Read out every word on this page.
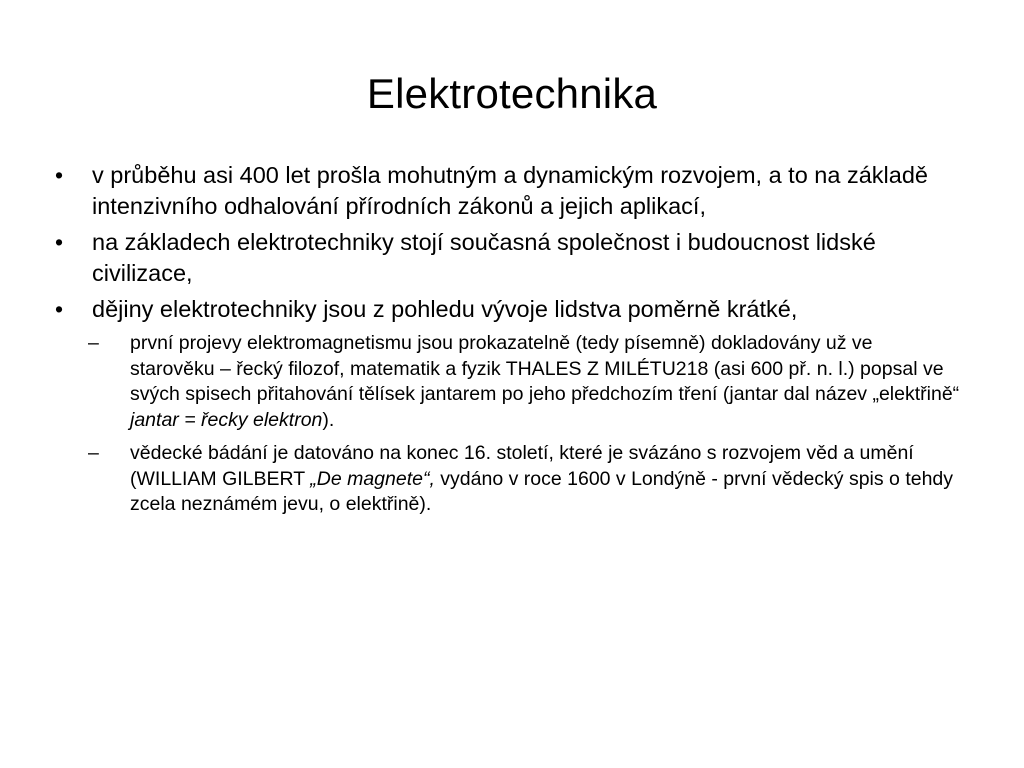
Elektrotechnika
• v průběhu asi 400 let prošla mohutným a dynamickým rozvojem, a to na základě intenzivního odhalování přírodních zákonů a jejich aplikací,
• na základech elektrotechniky stojí současná společnost i budoucnost lidské civilizace,
• dějiny elektrotechniky jsou z pohledu vývoje lidstva poměrně krátké,
– první projevy elektromagnetismu jsou prokazatelně (tedy písemně) dokladovány už ve starověku – řecký filozof, matematik a fyzik THALES Z MILÉTU218 (asi 600 př. n. l.) popsal ve svých spisech přitahování tělísek jantarem po jeho předchozím tření (jantar dal název „elektřině“ jantar = řecky elektron).
– vědecké bádání je datováno na konec 16. století, které je svázáno s rozvojem věd a umění (WILLIAM GILBERT „De magnete“, vydáno v roce 1600 v Londýně - první vědecký spis o tehdy zcela neznámém jevu, o elektřině).
